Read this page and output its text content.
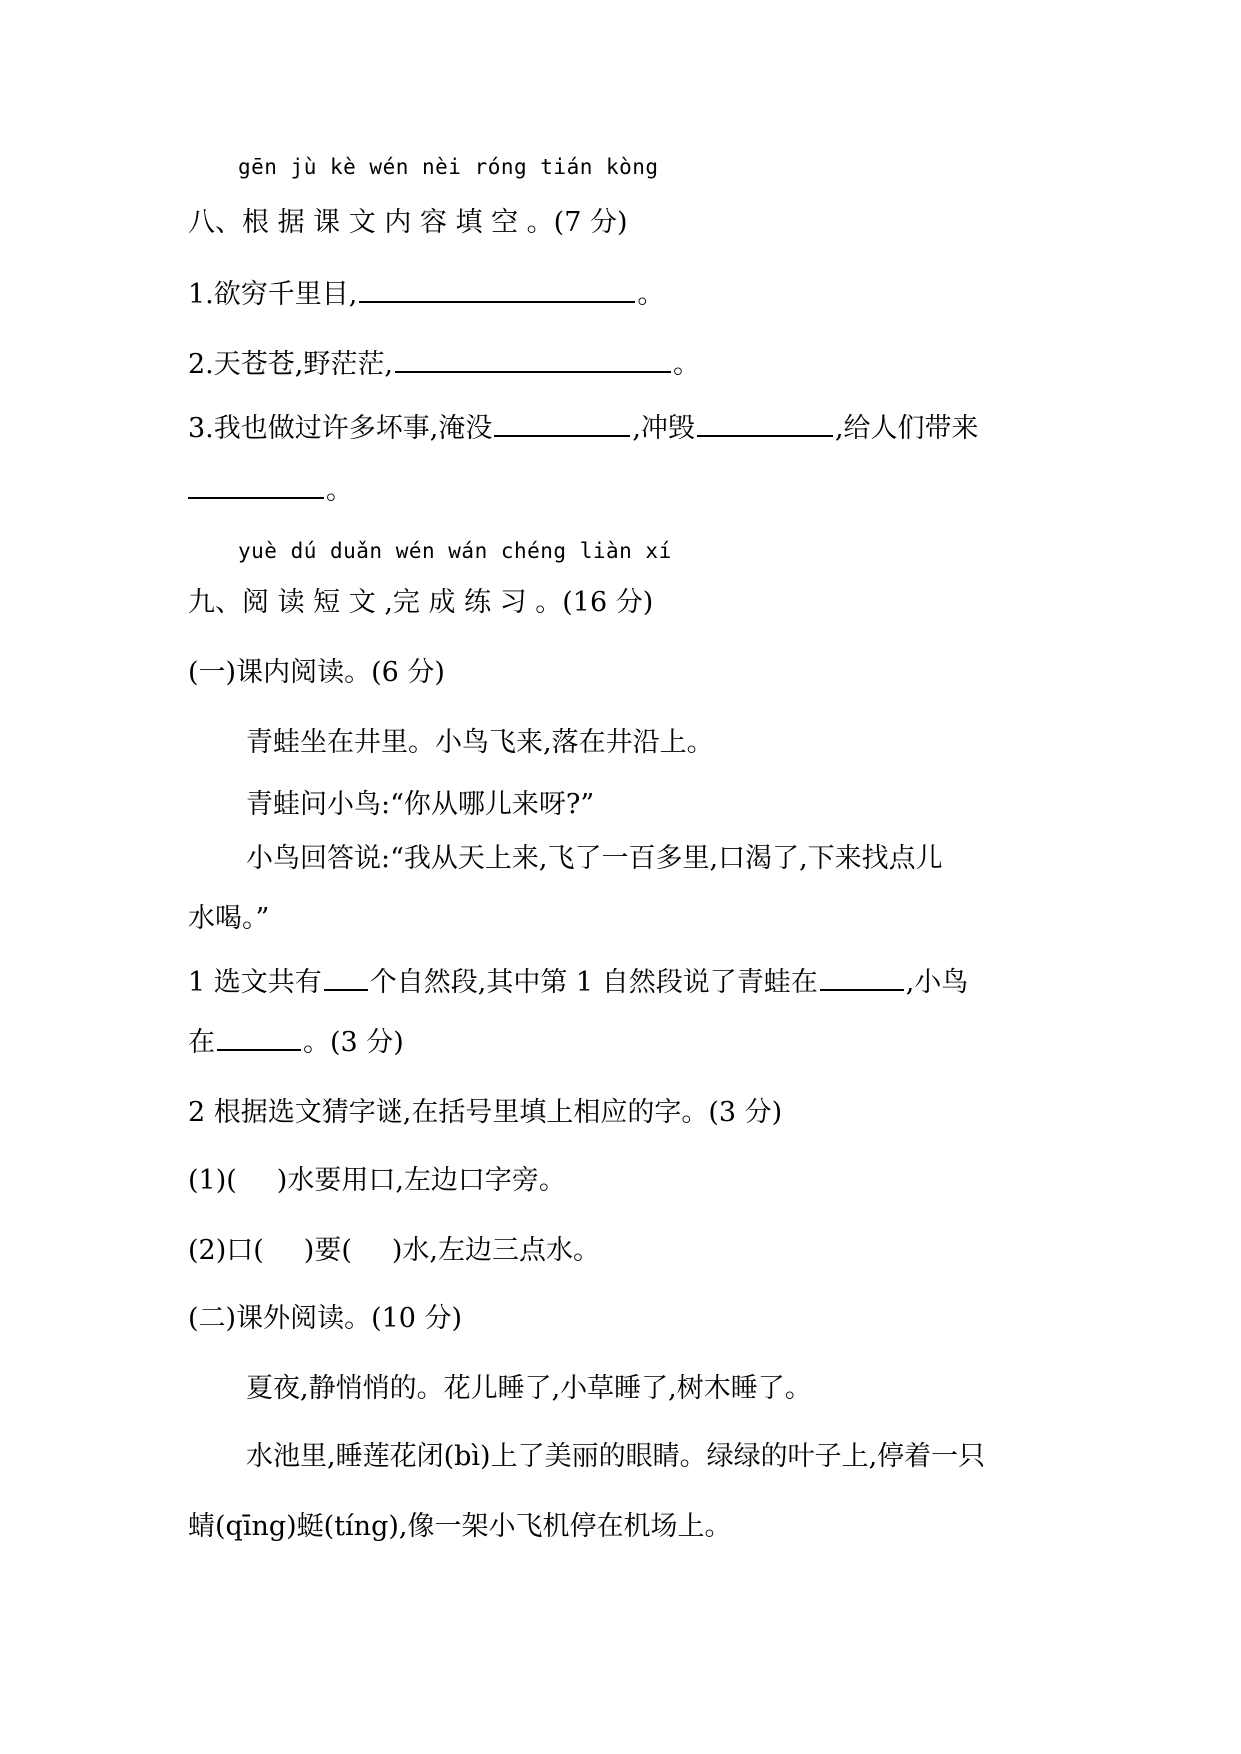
gēn jù kè wén nèi róng tián kòng
八、根 据 课 文 内 容 填 空 。(7 分)
1.欲穷千里目,	。
2.天苍苍,野茫茫,	。
3.我也做过许多坏事,淹没	,冲毁	,给人们带来
。
yuè dú duǎn wén wán chéng liàn xí
九、阅 读 短 文 ,完 成 练 习 。(16 分)
(一)课内阅读。(6 分)
青蛙坐在井里。小鸟飞来,落在井沿上。
青蛙问小鸟:“你从哪儿来呀?”
小鸟回答说:“我从天上来,飞了一百多里,口渴了,下来找点儿
水喝。”
1 选文共有 个自然段,其中第 1 自然段说了青蛙在	,小鸟
在	。(3 分)
2 根据选文猜字谜,在括号里填上相应的字。(3 分)
(1)( )水要用口,左边口字旁。
(2)口( )要( )水,左边三点水。
(二)课外阅读。(10 分)
夏夜,静悄悄的。花儿睡了,小草睡了,树木睡了。
水池里,睡莲花闭(bì)上了美丽的眼睛。绿绿的叶子上,停着一只
蜻(qīng)蜓(tíng),像一架小飞机停在机场上。
